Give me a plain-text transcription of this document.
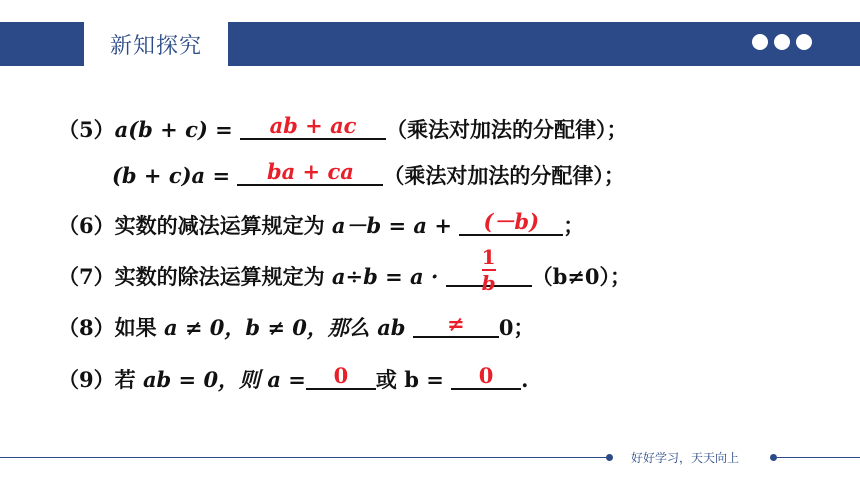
新知探究
（5）a(b + c) =	ab + ac	（乘法对加法的分配律）；
(b + c)a =	ba + ca	（乘法对加法的分配律）；
（6）实数的减法运算规定为 a－b = a +	(－b)	；
（7）实数的除法运算规定为 a÷b = a ·
1
b	（b≠0）；
（8）如果 a ≠ 0，b ≠ 0，那么 ab	≠	0；
（9）若 ab = 0，则 a =	0	或 b =	0	.
好好学习，天天向上
